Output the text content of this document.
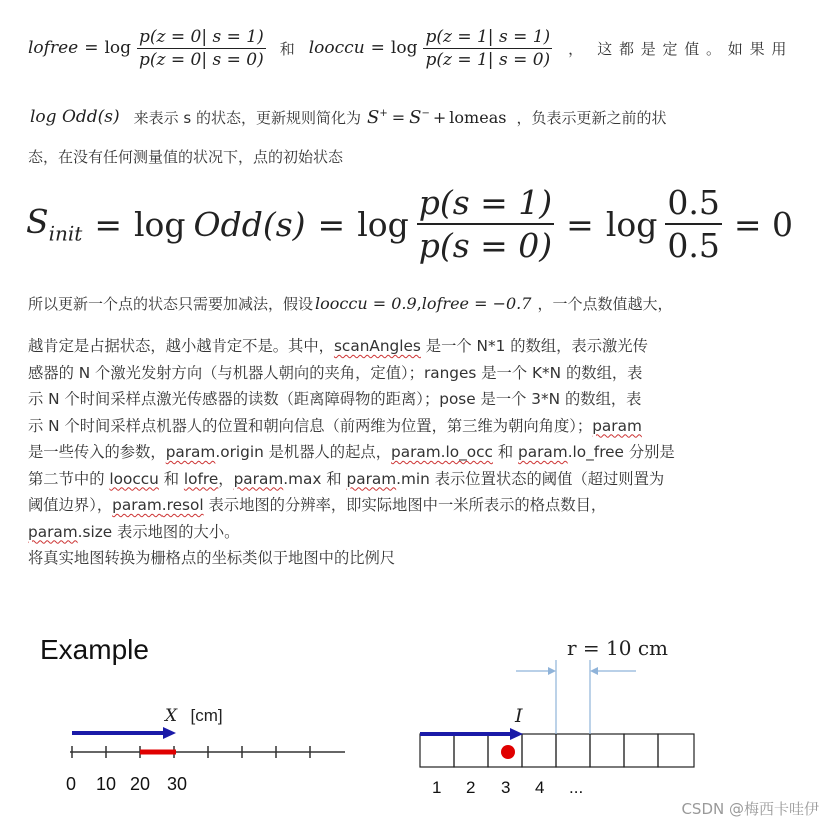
lofree = $\log \frac{p(z = 0| s = 1)}{p(z = 0| s = 0)}$ 和 looccu = $\log \frac{p(z = 1| s = 1)}{p(z = 1| s = 0)}$ ， 这 都 是 定 值 。 如 果 用
log Odd(s) 来表示 s 的状态，更新规则简化为 S+ = S− + lomeas ，负表示更新之前的状
态，在没有任何测量值的状况下，点的初始状态
$S_{init} = \log Odd(s) = \log \frac{p(s = 1)}{p(s = 0)} = \log \frac{0.5}{0.5} = 0$
所以更新一个点的状态只需要加减法，假设 looccu = 0.9 , lofree = −0.7 ，一个点数值越大，
越肯定是占据状态，越小越肯定不是。其中，scanAngles 是一个 N*1 的数组，表示激光传
感器的 N 个激光发射方向（与机器人朝向的夹角，定值）；ranges 是一个 K*N 的数组，表
示 N 个时间采样点激光传感器的读数（距离障碍物的距离）；pose 是一个 3*N 的数组，表
示 N 个时间采样点机器人的位置和朝向信息（前两维为位置，第三维为朝向角度）；param
是一些传入的参数，param.origin 是机器人的起点，param.lo_occ 和 param.lo_free 分别是
第二节中的 looccu 和 lofre，param.max 和 param.min 表示位置状态的阈值（超过则置为
阈值边界），param.resol 表示地图的分辨率，即实际地图中一米所表示的格点数目，
param.size 表示地图的大小。
将真实地图转换为栅格点的坐标类似于地图中的比例尺
Example
X [cm]
0 10 20 30
I
r = 10 cm
1 2 3 4 ...
CSDN @梅西卡哇伊
